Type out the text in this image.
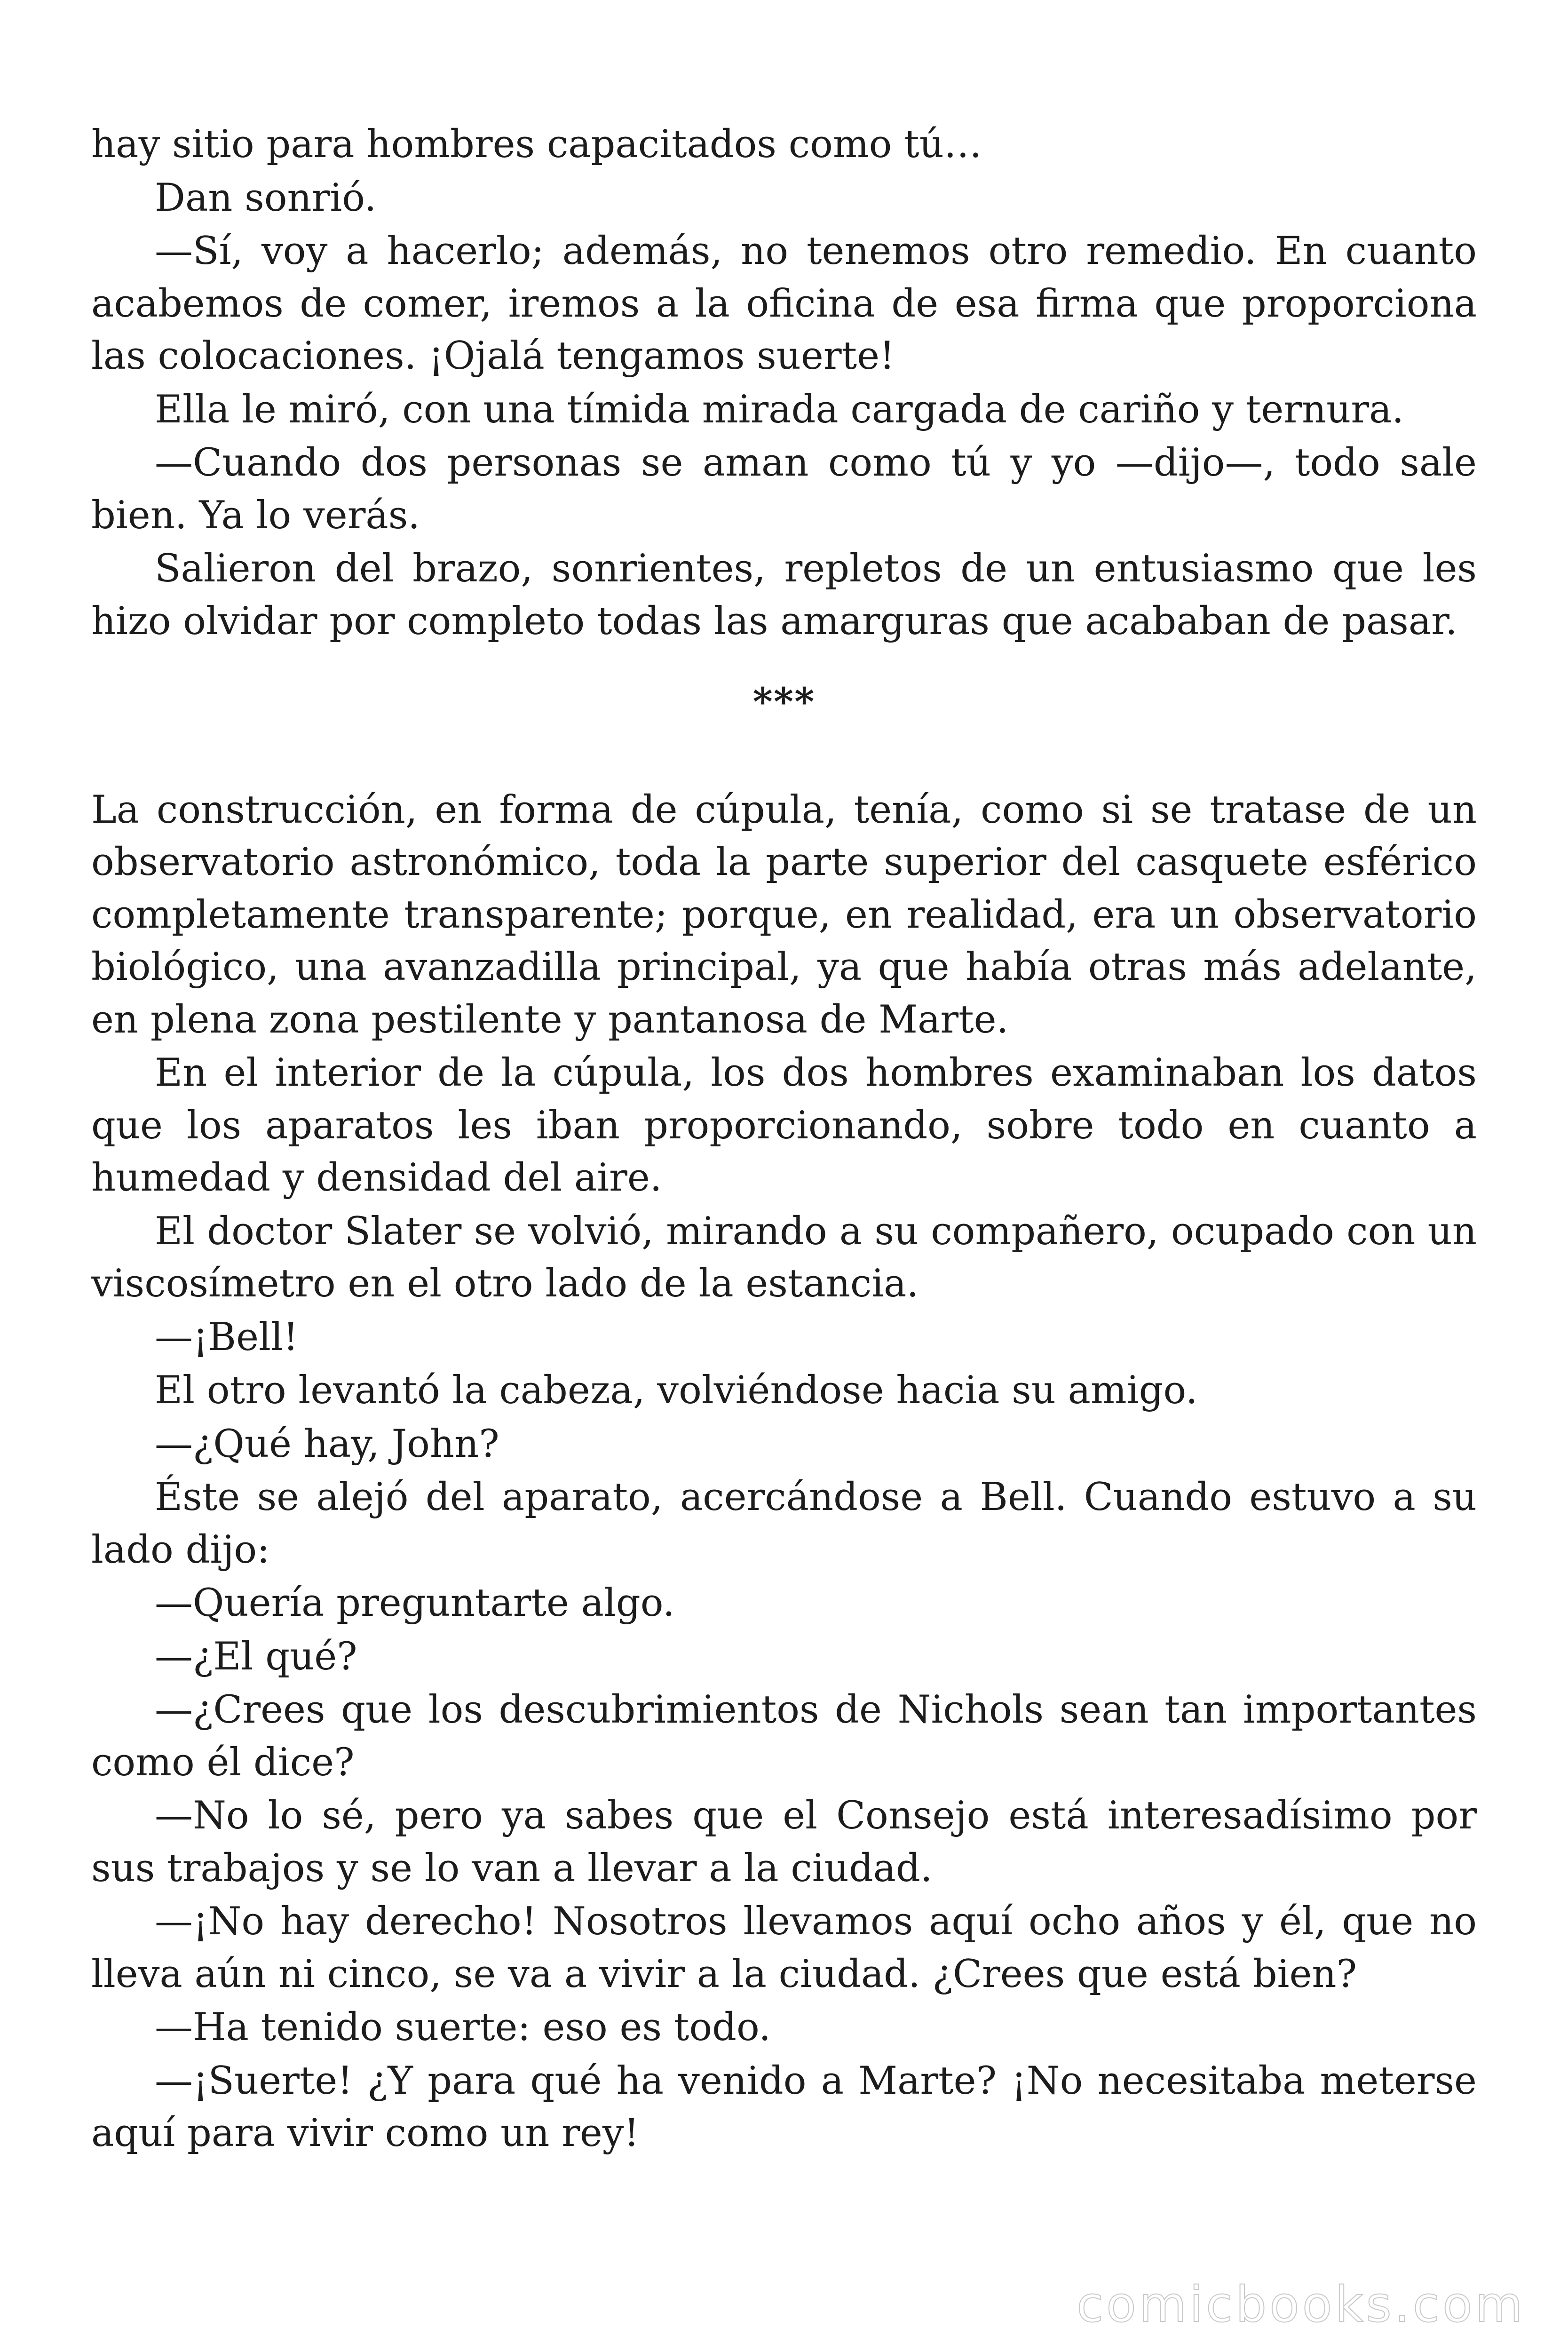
hay sitio para hombres capacitados como tú…

Dan sonrió.

—Sí, voy a hacerlo; además, no tenemos otro remedio. En cuanto acabemos de comer, iremos a la oficina de esa firma que proporciona las colocaciones. ¡Ojalá tengamos suerte!

Ella le miró, con una tímida mirada cargada de cariño y ternura.

—Cuando dos personas se aman como tú y yo —dijo—, todo sale bien. Ya lo verás.

Salieron del brazo, sonrientes, repletos de un entusiasmo que les hizo olvidar por completo todas las amarguras que acababan de pasar.

***

La construcción, en forma de cúpula, tenía, como si se tratase de un observatorio astronómico, toda la parte superior del casquete esférico completamente transparente; porque, en realidad, era un observatorio biológico, una avanzadilla principal, ya que había otras más adelante, en plena zona pestilente y pantanosa de Marte.

En el interior de la cúpula, los dos hombres examinaban los datos que los aparatos les iban proporcionando, sobre todo en cuanto a humedad y densidad del aire.

El doctor Slater se volvió, mirando a su compañero, ocupado con un viscosímetro en el otro lado de la estancia.

—¡Bell!

El otro levantó la cabeza, volviéndose hacia su amigo.

—¿Qué hay, John?

Éste se alejó del aparato, acercándose a Bell. Cuando estuvo a su lado dijo:

—Quería preguntarte algo.

—¿El qué?

—¿Crees que los descubrimientos de Nichols sean tan importantes como él dice?

—No lo sé, pero ya sabes que el Consejo está interesadísimo por sus trabajos y se lo van a llevar a la ciudad.

—¡No hay derecho! Nosotros llevamos aquí ocho años y él, que no lleva aún ni cinco, se va a vivir a la ciudad. ¿Crees que está bien?

—Ha tenido suerte: eso es todo.

—¡Suerte! ¿Y para qué ha venido a Marte? ¡No necesitaba meterse aquí para vivir como un rey!

comicbooks.com
